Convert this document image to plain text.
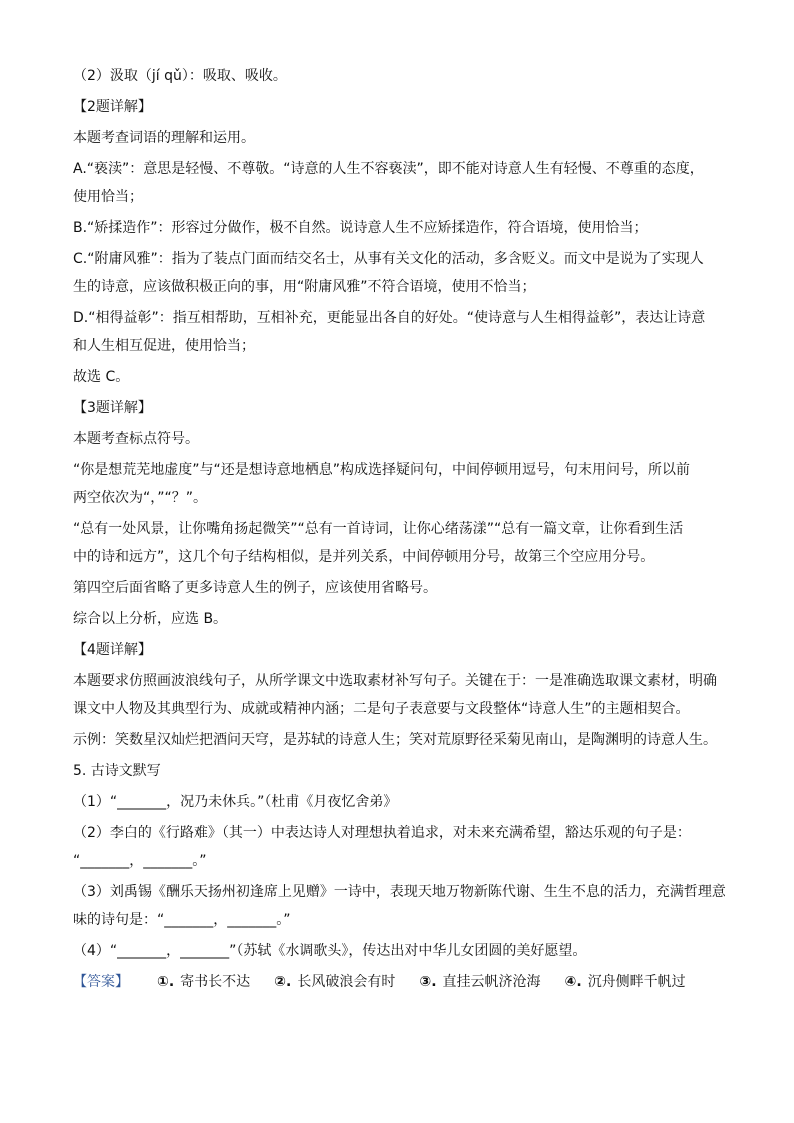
（2）汲取（jí qǔ）：吸取、吸收。
【2题详解】
本题考查词语的理解和运用。
A.“亵渎”：意思是轻慢、不尊敬。“诗意的人生不容亵渎”，即不能对诗意人生有轻慢、不尊重的态度，
使用恰当；
B.“矫揉造作”：形容过分做作，极不自然。说诗意人生不应矫揉造作，符合语境，使用恰当；
C.“附庸风雅”：指为了装点门面而结交名士，从事有关文化的活动，多含贬义。而文中是说为了实现人
生的诗意，应该做积极正向的事，用“附庸风雅”不符合语境，使用不恰当；
D.“相得益彰”：指互相帮助，互相补充，更能显出各自的好处。“使诗意与人生相得益彰”，表达让诗意
和人生相互促进，使用恰当；
故选 C。
【3题详解】
本题考查标点符号。
“你是想荒芜地虚度”与“还是想诗意地栖息”构成选择疑问句，中间停顿用逗号，句末用问号，所以前
两空依次为“，”“？”。
“总有一处风景，让你嘴角扬起微笑”“总有一首诗词，让你心绪荡漾”“总有一篇文章，让你看到生活
中的诗和远方”，这几个句子结构相似，是并列关系，中间停顿用分号，故第三个空应用分号。
第四空后面省略了更多诗意人生的例子，应该使用省略号。
综合以上分析，应选 B。
【4题详解】
本题要求仿照画波浪线句子，从所学课文中选取素材补写句子。关键在于：一是准确选取课文素材，明确
课文中人物及其典型行为、成就或精神内涵；二是句子表意要与文段整体“诗意人生”的主题相契合。
示例：笑数星汉灿烂把酒问天穹，是苏轼的诗意人生；笑对荒原野径采菊见南山，是陶渊明的诗意人生。
5. 古诗文默写
（1）“_______，况乃未休兵。”（杜甫《月夜忆舍弟》
（2）李白的《行路难》（其一）中表达诗人对理想执着追求，对未来充满希望，豁达乐观的句子是：
“_______，_______。”
（3）刘禹锡《酬乐天扬州初逢席上见赠》一诗中，表现天地万物新陈代谢、生生不息的活力，充满哲理意
味的诗句是：“_______，_______。”
（4）“_______，_______”（苏轼《水调歌头》，传达出对中华儿女团圆的美好愿望。
【答案】 ①. 寄书长不达 ②. 长风破浪会有时 ③. 直挂云帆济沧海 ④. 沉舟侧畔千帆过
